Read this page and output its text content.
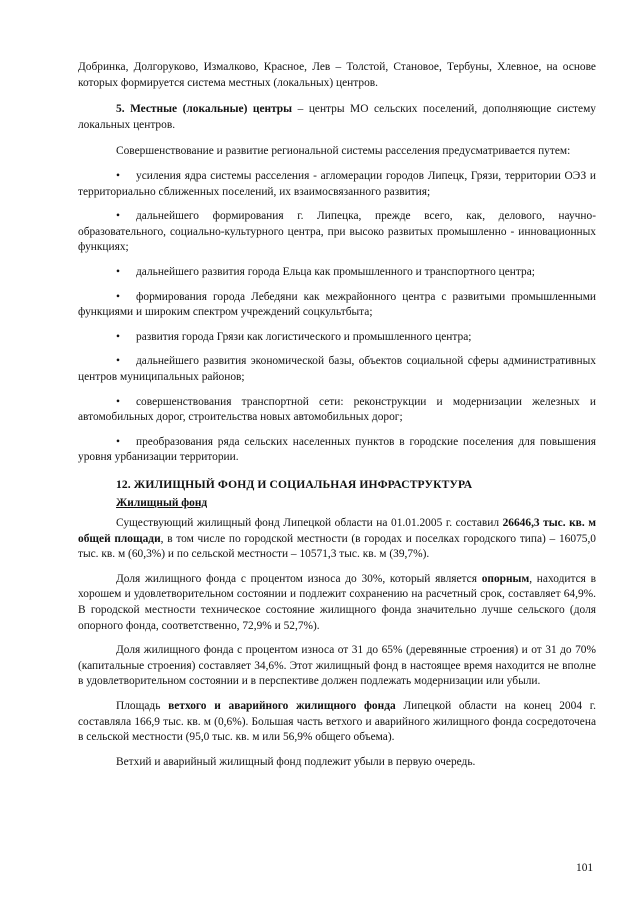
Добринка, Долгоруково, Измалково, Красное, Лев – Толстой, Становое, Тербуны, Хлевное, на основе которых формируется система местных (локальных) центров.

5. Местные (локальные) центры – центры МО сельских поселений, дополняющие систему локальных центров.

Совершенствование и развитие региональной системы расселения предусматривается путем:

• усиления ядра системы расселения - агломерации городов Липецк, Грязи, территории ОЭЗ и территориально сближенных поселений, их взаимосвязанного развития;

• дальнейшего формирования г. Липецка, прежде всего, как, делового, научно-образовательного, социально-культурного центра, при высоко развитых промышленно - инновационных функциях;

• дальнейшего развития города Ельца как промышленного и транспортного центра;

• формирования города Лебедяни как межрайонного центра с развитыми промышленными функциями и широким спектром учреждений соцкультбыта;

• развития города Грязи как логистического и промышленного центра;

• дальнейшего развития экономической базы, объектов социальной сферы административных центров муниципальных районов;

• совершенствования транспортной сети: реконструкции и модернизации железных и автомобильных дорог, строительства новых автомобильных дорог;

• преобразования ряда сельских населенных пунктов в городские поселения для повышения уровня урбанизации территории.

12. ЖИЛИЩНЫЙ ФОНД И СОЦИАЛЬНАЯ ИНФРАСТРУКТУРА
Жилищный фонд

Существующий жилищный фонд Липецкой области на 01.01.2005 г. составил 26646,3 тыс. кв. м общей площади, в том числе по городской местности (в городах и поселках городского типа) – 16075,0 тыс. кв. м (60,3%) и по сельской местности – 10571,3 тыс. кв. м (39,7%).

Доля жилищного фонда с процентом износа до 30%, который является опорным, находится в хорошем и удовлетворительном состоянии и подлежит сохранению на расчетный срок, составляет 64,9%. В городской местности техническое состояние жилищного фонда значительно лучше сельского (доля опорного фонда, соответственно, 72,9% и 52,7%).

Доля жилищного фонда с процентом износа от 31 до 65% (деревянные строения) и от 31 до 70% (капитальные строения) составляет 34,6%. Этот жилищный фонд в настоящее время находится не вполне в удовлетворительном состоянии и в перспективе должен подлежать модернизации или убыли.

Площадь ветхого и аварийного жилищного фонда Липецкой области на конец 2004 г. составляла 166,9 тыс. кв. м (0,6%). Большая часть ветхого и аварийного жилищного фонда сосредоточена в сельской местности (95,0 тыс. кв. м или 56,9% общего объема).

Ветхий и аварийный жилищный фонд подлежит убыли в первую очередь.

101
